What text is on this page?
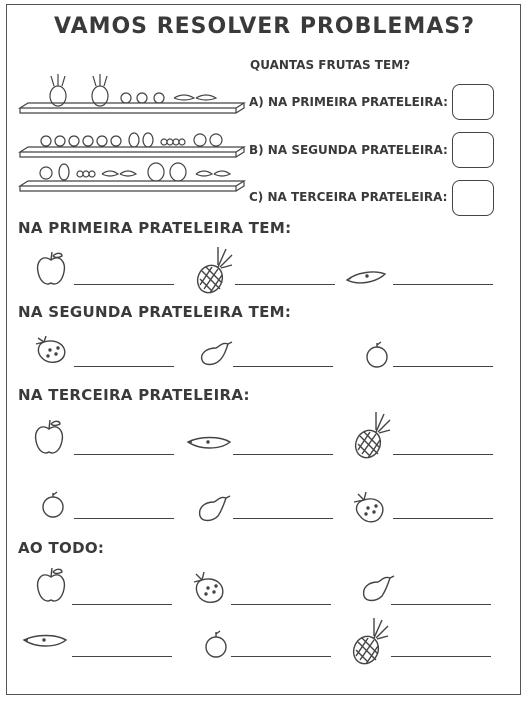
VAMOS RESOLVER PROBLEMAS?
QUANTAS FRUTAS TEM?
A) NA PRIMEIRA PRATELEIRA:
B) NA SEGUNDA PRATELEIRA:
C) NA TERCEIRA PRATELEIRA:
NA PRIMEIRA PRATELEIRA TEM:
NA SEGUNDA PRATELEIRA TEM:
NA TERCEIRA PRATELEIRA:
AO TODO:
